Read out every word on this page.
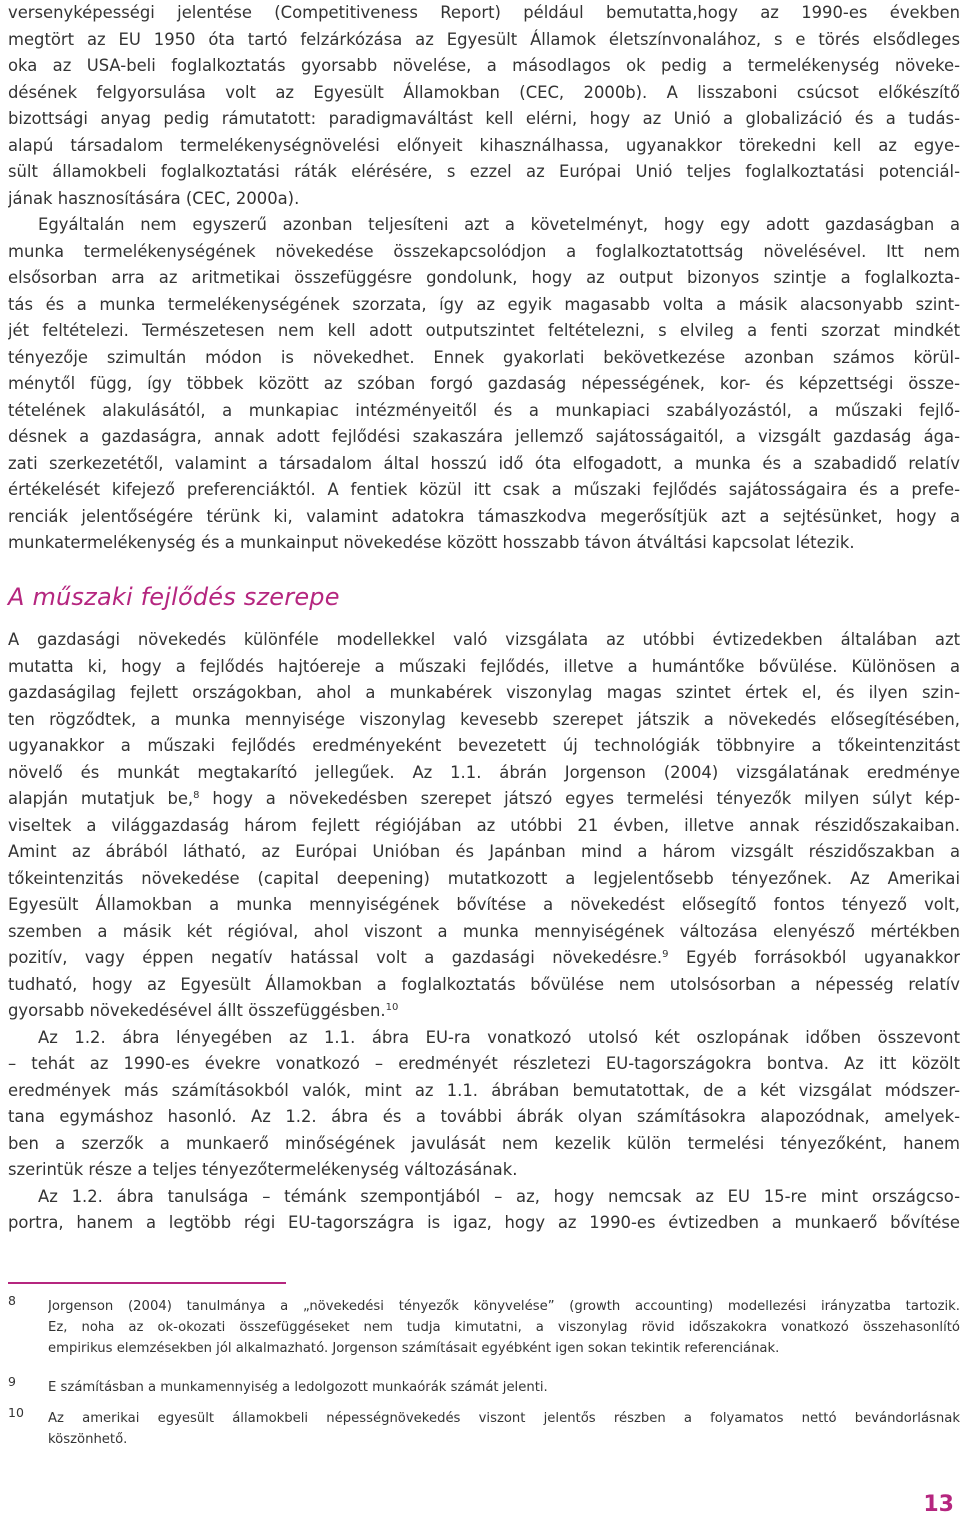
versenyképességi jelentése (Competitiveness Report) például bemutatta,hogy az 1990-es években
megtört az EU 1950 óta tartó felzárkózása az Egyesült Államok életszínvonalához, s e törés elsődleges
oka az USA-beli foglalkoztatás gyorsabb növelése, a másodlagos ok pedig a termelékenység növeke-
désének felgyorsulása volt az Egyesült Államokban (CEC, 2000b). A lisszaboni csúcsot előkészítő
bizottsági anyag pedig rámutatott: paradigmaváltást kell elérni, hogy az Unió a globalizáció és a tudás-
alapú társadalom termelékenységnövelési előnyeit kihasználhassa, ugyanakkor törekedni kell az egye-
sült államokbeli foglalkoztatási ráták elérésére, s ezzel az Európai Unió teljes foglalkoztatási potenciál-
jának hasznosítására (CEC, 2000a).
Egyáltalán nem egyszerű azonban teljesíteni azt a követelményt, hogy egy adott gazdaságban a
munka termelékenységének növekedése összekapcsolódjon a foglalkoztatottság növelésével. Itt nem
elsősorban arra az aritmetikai összefüggésre gondolunk, hogy az output bizonyos szintje a foglalkozta-
tás és a munka termelékenységének szorzata, így az egyik magasabb volta a másik alacsonyabb szint-
jét feltételezi. Természetesen nem kell adott outputszintet feltételezni, s elvileg a fenti szorzat mindkét
tényezője szimultán módon is növekedhet. Ennek gyakorlati bekövetkezése azonban számos körül-
ménytől függ, így többek között az szóban forgó gazdaság népességének, kor- és képzettségi össze-
tételének alakulásától, a munkapiac intézményeitől és a munkapiaci szabályozástól, a műszaki fejlő-
désnek a gazdaságra, annak adott fejlődési szakaszára jellemző sajátosságaitól, a vizsgált gazdaság ága-
zati szerkezetétől, valamint a társadalom által hosszú idő óta elfogadott, a munka és a szabadidő relatív
értékelését kifejező preferenciáktól. A fentiek közül itt csak a műszaki fejlődés sajátosságaira és a prefe-
renciák jelentőségére térünk ki, valamint adatokra támaszkodva megerősítjük azt a sejtésünket, hogy a
munkatermelékenység és a munkainput növekedése között hosszabb távon átváltási kapcsolat létezik.
A műszaki fejlődés szerepe
A gazdasági növekedés különféle modellekkel való vizsgálata az utóbbi évtizedekben általában azt
mutatta ki, hogy a fejlődés hajtóereje a műszaki fejlődés, illetve a humántőke bővülése. Különösen a
gazdaságilag fejlett országokban, ahol a munkabérek viszonylag magas szintet értek el, és ilyen szin-
ten rögződtek, a munka mennyisége viszonylag kevesebb szerepet játszik a növekedés elősegítésében,
ugyanakkor a műszaki fejlődés eredményeként bevezetett új technológiák többnyire a tőkeintenzitást
növelő és munkát megtakarító jellegűek. Az 1.1. ábrán Jorgenson (2004) vizsgálatának eredménye
alapján mutatjuk be,$^8$ hogy a növekedésben szerepet játszó egyes termelési tényezők milyen súlyt kép-
viseltek a világgazdaság három fejlett régiójában az utóbbi 21 évben, illetve annak részidőszakaiban.
Amint az ábrából látható, az Európai Unióban és Japánban mind a három vizsgált részidőszakban a
tőkeintenzitás növekedése (capital deepening) mutatkozott a legjelentősebb tényezőnek. Az Amerikai
Egyesült Államokban a munka mennyiségének bővítése a növekedést elősegítő fontos tényező volt,
szemben a másik két régióval, ahol viszont a munka mennyiségének változása elenyésző mértékben
pozitív, vagy éppen negatív hatással volt a gazdasági növekedésre.$^9$ Egyéb forrásokból ugyanakkor
tudható, hogy az Egyesült Államokban a foglalkoztatás bővülése nem utolsósorban a népesség relatív
gyorsabb növekedésével állt összefüggésben.$^{10}$
Az 1.2. ábra lényegében az 1.1. ábra EU-ra vonatkozó utolsó két oszlopának időben összevont
– tehát az 1990-es évekre vonatkozó – eredményét részletezi EU-tagországokra bontva. Az itt közölt
eredmények más számításokból valók, mint az 1.1. ábrában bemutatottak, de a két vizsgálat módszer-
tana egymáshoz hasonló. Az 1.2. ábra és a további ábrák olyan számításokra alapozódnak, amelyek-
ben a szerzők a munkaerő minőségének javulását nem kezelik külön termelési tényezőként, hanem
szerintük része a teljes tényezőtermelékenység változásának.
Az 1.2. ábra tanulsága – témánk szempontjából – az, hogy nemcsak az EU 15-re mint országcso-
portra, hanem a legtöbb régi EU-tagországra is igaz, hogy az 1990-es évtizedben a munkaerő bővítése
8 Jorgenson (2004) tanulmánya a „növekedési tényezők könyvelése” (growth accounting) modellezési irányzatba tartozik.
Ez, noha az ok-okozati összefüggéseket nem tudja kimutatni, a viszonylag rövid időszakokra vonatkozó összehasonlító
empirikus elemzésekben jól alkalmazható. Jorgenson számításait egyébként igen sokan tekintik referenciának.
9 E számításban a munkamennyiség a ledolgozott munkaórák számát jelenti.
10 Az amerikai egyesült államokbeli népességnövekedés viszont jelentős részben a folyamatos nettó bevándorlásnak
köszönhető.
13
